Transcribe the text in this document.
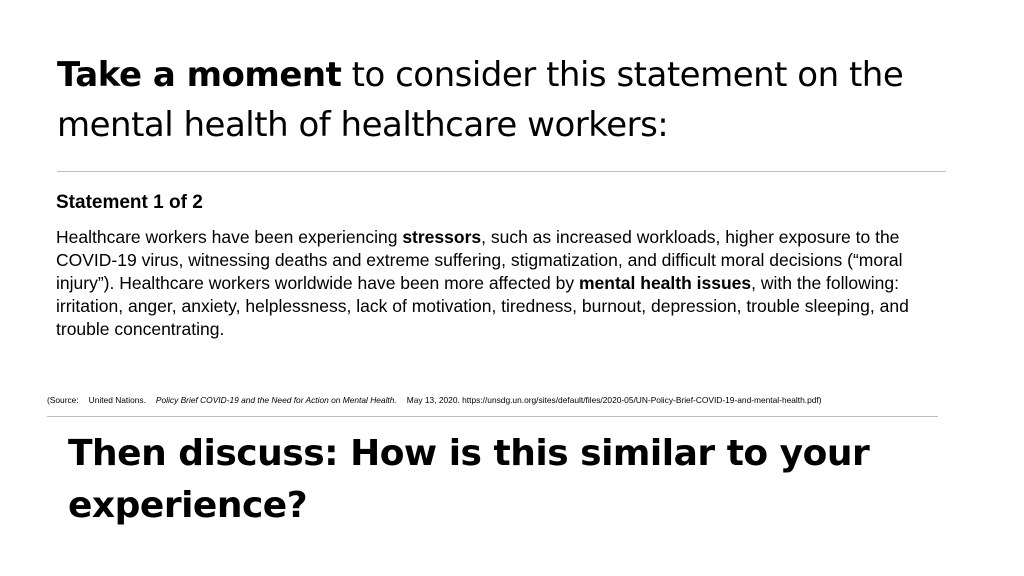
Take a moment to consider this statement on the mental health of healthcare workers:

Statement 1 of 2

Healthcare workers have been experiencing stressors, such as increased workloads, higher exposure to the COVID-19 virus, witnessing deaths and extreme suffering, stigmatization, and difficult moral decisions (“moral injury”). Healthcare workers worldwide have been more affected by mental health issues, with the following: irritation, anger, anxiety, helplessness, lack of motivation, tiredness, burnout, depression, trouble sleeping, and trouble concentrating.

(Source: United Nations. Policy Brief COVID-19 and the Need for Action on Mental Health. May 13, 2020. https://unsdg.un.org/sites/default/files/2020-05/UN-Policy-Brief-COVID-19-and-mental-health.pdf)

Then discuss: How is this similar to your experience?
